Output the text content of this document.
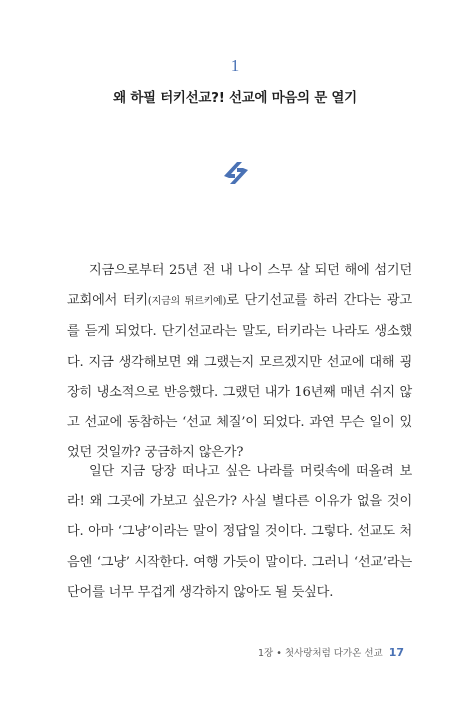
1
왜 하필 터키선교?! 선교에 마음의 문 열기

지금으로부터 25년 전 내 나이 스무 살 되던 해에 섬기던 교회에서 터키(지금의 튀르키예)로 단기선교를 하러 간다는 광고를 듣게 되었다. 단기선교라는 말도, 터키라는 나라도 생소했다. 지금 생각해보면 왜 그랬는지 모르겠지만 선교에 대해 굉장히 냉소적으로 반응했다. 그랬던 내가 16년째 매년 쉬지 않고 선교에 동참하는 ‘선교 체질’이 되었다. 과연 무슨 일이 있었던 것일까? 궁금하지 않은가?

일단 지금 당장 떠나고 싶은 나라를 머릿속에 떠올려 보라! 왜 그곳에 가보고 싶은가? 사실 별다른 이유가 없을 것이다. 아마 ‘그냥’이라는 말이 정답일 것이다. 그렇다. 선교도 처음엔 ‘그냥’ 시작한다. 여행 가듯이 말이다. 그러니 ‘선교’라는 단어를 너무 무겁게 생각하지 않아도 될 듯싶다.

1장 • 첫사랑처럼 다가온 선교 17
